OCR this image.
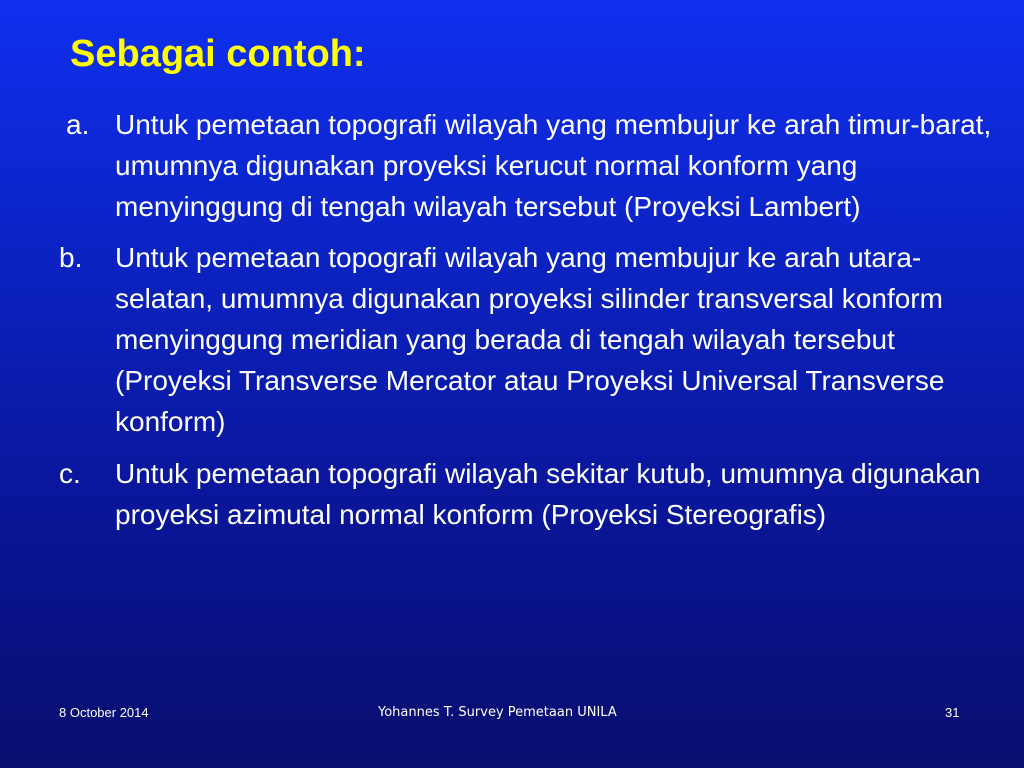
Sebagai contoh:
a. Untuk pemetaan topografi wilayah yang membujur ke arah timur-barat, umumnya digunakan proyeksi kerucut normal konform yang menyinggung di tengah wilayah tersebut (Proyeksi Lambert)
b. Untuk pemetaan topografi wilayah yang membujur ke arah utara-selatan, umumnya digunakan proyeksi silinder transversal konform menyinggung meridian yang berada di tengah wilayah tersebut (Proyeksi Transverse Mercator atau Proyeksi Universal Transverse konform)
c. Untuk pemetaan topografi wilayah sekitar kutub, umumnya digunakan proyeksi azimutal normal konform (Proyeksi Stereografis)
8 October 2014	Yohannes T. Survey Pemetaan UNILA	31
